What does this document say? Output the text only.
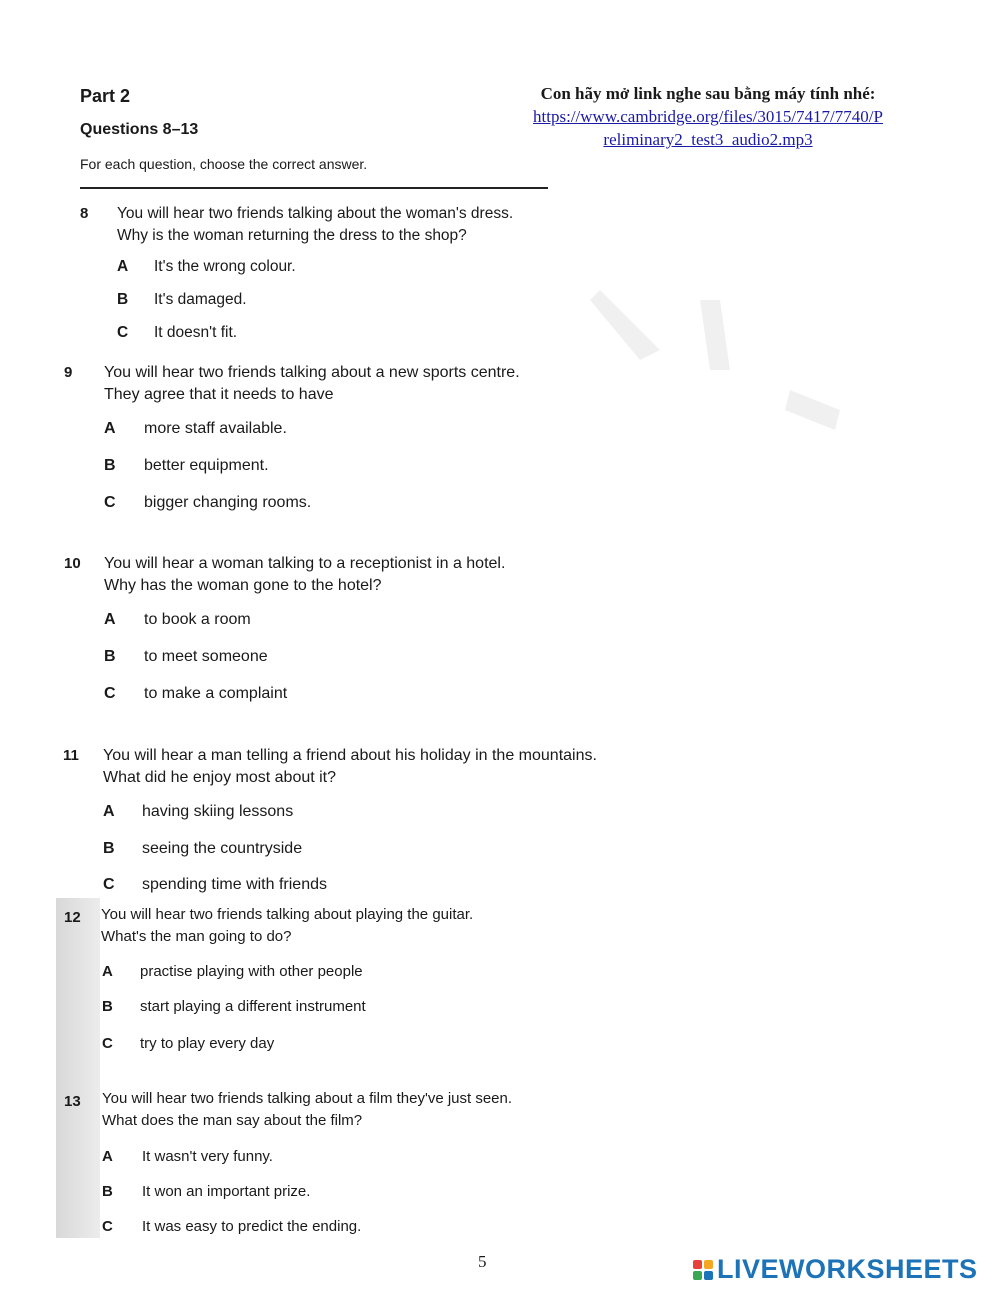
Part 2
Questions 8–13
For each question, choose the correct answer.
Con hãy mở link nghe sau bằng máy tính nhé:
https://www.cambridge.org/files/3015/7417/7740/P
reliminary2_test3_audio2.mp3
8 You will hear two friends talking about the woman's dress.
Why is the woman returning the dress to the shop?
A It's the wrong colour.
B It's damaged.
C It doesn't fit.
9 You will hear two friends talking about a new sports centre.
They agree that it needs to have
A more staff available.
B better equipment.
C bigger changing rooms.
10 You will hear a woman talking to a receptionist in a hotel.
Why has the woman gone to the hotel?
A to book a room
B to meet someone
C to make a complaint
11 You will hear a man telling a friend about his holiday in the mountains.
What did he enjoy most about it?
A having skiing lessons
B seeing the countryside
C spending time with friends
12 You will hear two friends talking about playing the guitar.
What's the man going to do?
A practise playing with other people
B start playing a different instrument
C try to play every day
13 You will hear two friends talking about a film they've just seen.
What does the man say about the film?
A It wasn't very funny.
B It won an important prize.
C It was easy to predict the ending.
5	LIVEWORKSHEETS
